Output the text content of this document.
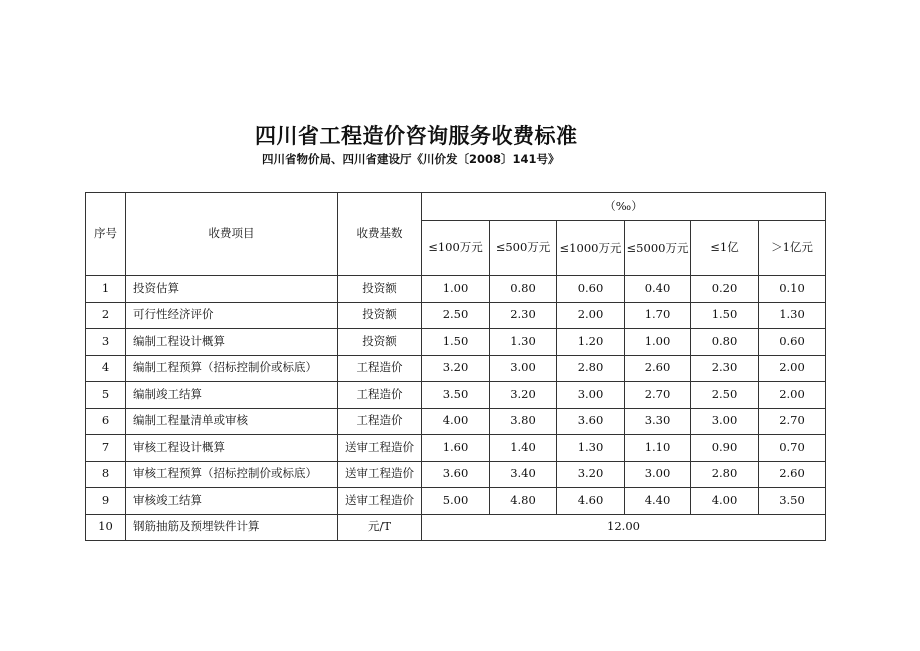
四川省工程造价咨询服务收费标准
四川省物价局、四川省建设厅《川价发〔2008〕141号》
序号	收费项目	收费基数	（‰）					
			≤100万元	≤500万元	≤1000万元	≤5000万元	≤1亿	＞1亿元
1	投资估算	投资额	1.00	0.80	0.60	0.40	0.20	0.10
2	可行性经济评价	投资额	2.50	2.30	2.00	1.70	1.50	1.30
3	编制工程设计概算	投资额	1.50	1.30	1.20	1.00	0.80	0.60
4	编制工程预算（招标控制价或标底）	工程造价	3.20	3.00	2.80	2.60	2.30	2.00
5	编制竣工结算	工程造价	3.50	3.20	3.00	2.70	2.50	2.00
6	编制工程量清单或审核	工程造价	4.00	3.80	3.60	3.30	3.00	2.70
7	审核工程设计概算	送审工程造价	1.60	1.40	1.30	1.10	0.90	0.70
8	审核工程预算（招标控制价或标底）	送审工程造价	3.60	3.40	3.20	3.00	2.80	2.60
9	审核竣工结算	送审工程造价	5.00	4.80	4.60	4.40	4.00	3.50
10	钢筋抽筋及预埋铁件计算	元/T	12.00					
